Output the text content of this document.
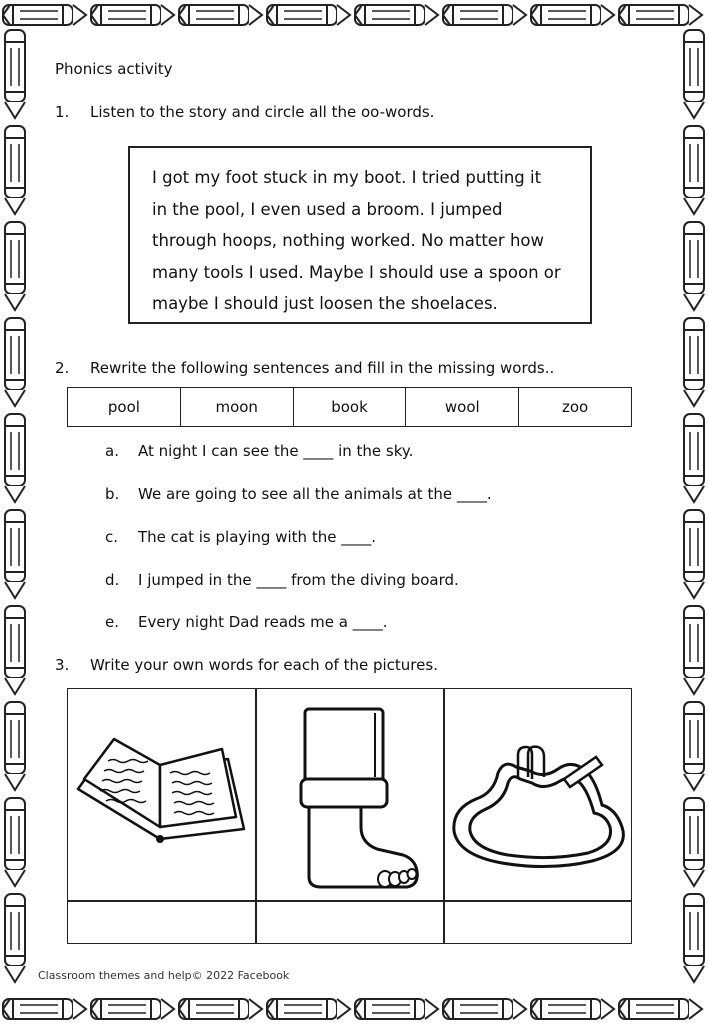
Phonics activity
1. Listen to the story and circle all the oo-words.
I got my foot stuck in my boot. I tried putting it
in the pool, I even used a broom. I jumped
through hoops, nothing worked. No matter how
many tools I used. Maybe I should use a spoon or
maybe I should just loosen the shoelaces.
2. Rewrite the following sentences and fill in the missing words..
pool	moon	book	wool	zoo
a. At night I can see the ____ in the sky.
b. We are going to see all the animals at the ____.
c. The cat is playing with the ____.
d. I jumped in the ____ from the diving board.
e. Every night Dad reads me a ____.
3. Write your own words for each of the pictures.
Classroom themes and help© 2022 Facebook
